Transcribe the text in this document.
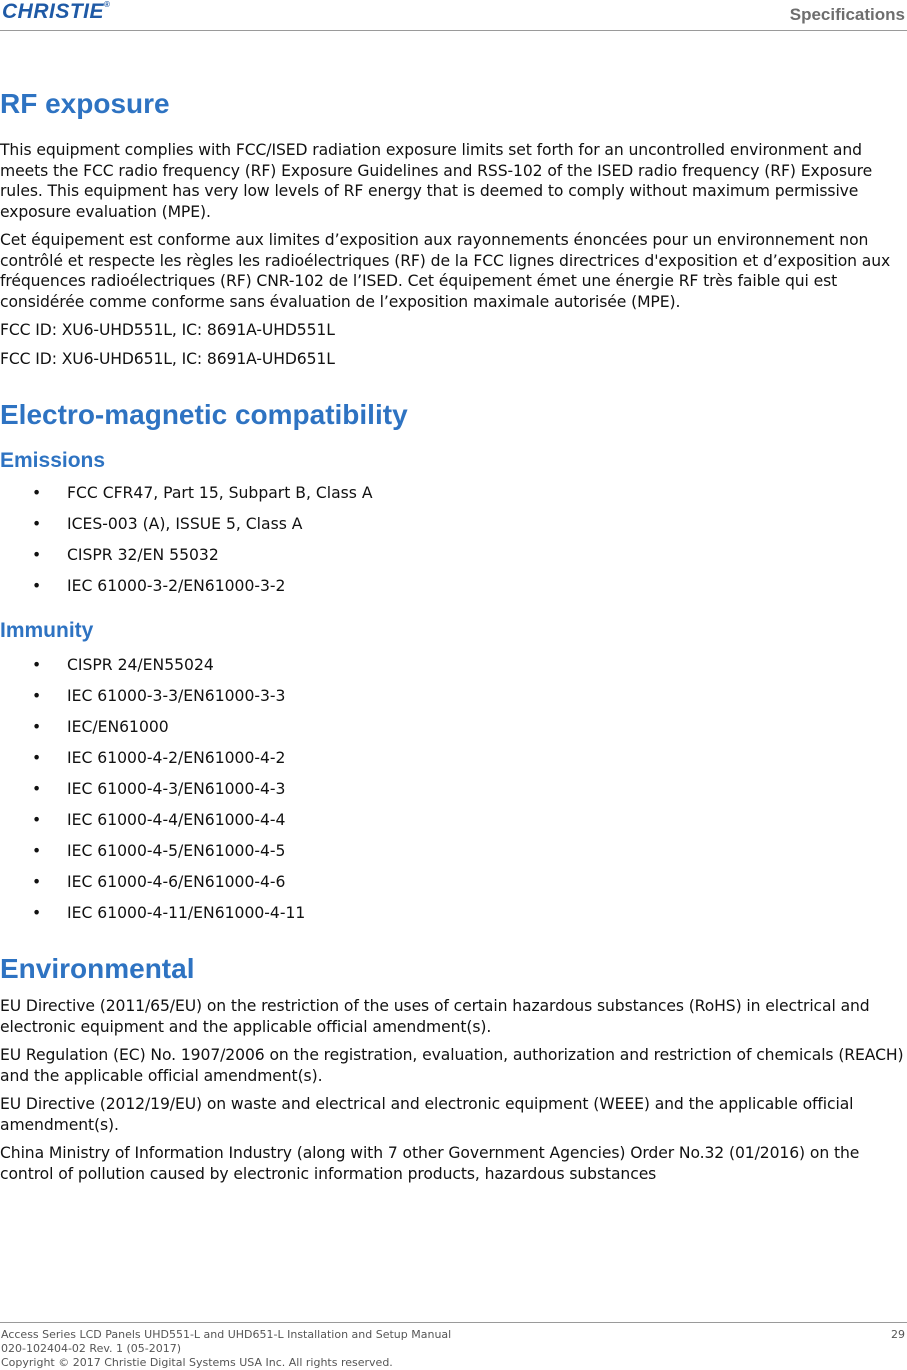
CHRISTIE®
Specifications
RF exposure

This equipment complies with FCC/ISED radiation exposure limits set forth for an uncontrolled environment and meets the FCC radio frequency (RF) Exposure Guidelines and RSS-102 of the ISED radio frequency (RF) Exposure rules. This equipment has very low levels of RF energy that is deemed to comply without maximum permissive exposure evaluation (MPE).

Cet équipement est conforme aux limites d’exposition aux rayonnements énoncées pour un environnement non contrôlé et respecte les règles les radioélectriques (RF) de la FCC lignes directrices d'exposition et d’exposition aux fréquences radioélectriques (RF) CNR-102 de l’ISED. Cet équipement émet une énergie RF très faible qui est considérée comme conforme sans évaluation de l’exposition maximale autorisée (MPE).

FCC ID: XU6-UHD551L, IC: 8691A-UHD551L

FCC ID: XU6-UHD651L, IC: 8691A-UHD651L

Electro-magnetic compatibility
Emissions
• FCC CFR47, Part 15, Subpart B, Class A
• ICES-003 (A), ISSUE 5, Class A
• CISPR 32/EN 55032
• IEC 61000-3-2/EN61000-3-2
Immunity
• CISPR 24/EN55024
• IEC 61000-3-3/EN61000-3-3
• IEC/EN61000
• IEC 61000-4-2/EN61000-4-2
• IEC 61000-4-3/EN61000-4-3
• IEC 61000-4-4/EN61000-4-4
• IEC 61000-4-5/EN61000-4-5
• IEC 61000-4-6/EN61000-4-6
• IEC 61000-4-11/EN61000-4-11
Environmental

EU Directive (2011/65/EU) on the restriction of the uses of certain hazardous substances (RoHS) in electrical and electronic equipment and the applicable official amendment(s).

EU Regulation (EC) No. 1907/2006 on the registration, evaluation, authorization and restriction of chemicals (REACH) and the applicable official amendment(s).

EU Directive (2012/19/EU) on waste and electrical and electronic equipment (WEEE) and the applicable official amendment(s).

China Ministry of Information Industry (along with 7 other Government Agencies) Order No.32 (01/2016) on the control of pollution caused by electronic information products, hazardous substances

Access Series LCD Panels UHD551-L and UHD651-L Installation and Setup Manual
020-102404-02 Rev. 1 (05-2017)
Copyright © 2017 Christie Digital Systems USA Inc. All rights reserved.
29
